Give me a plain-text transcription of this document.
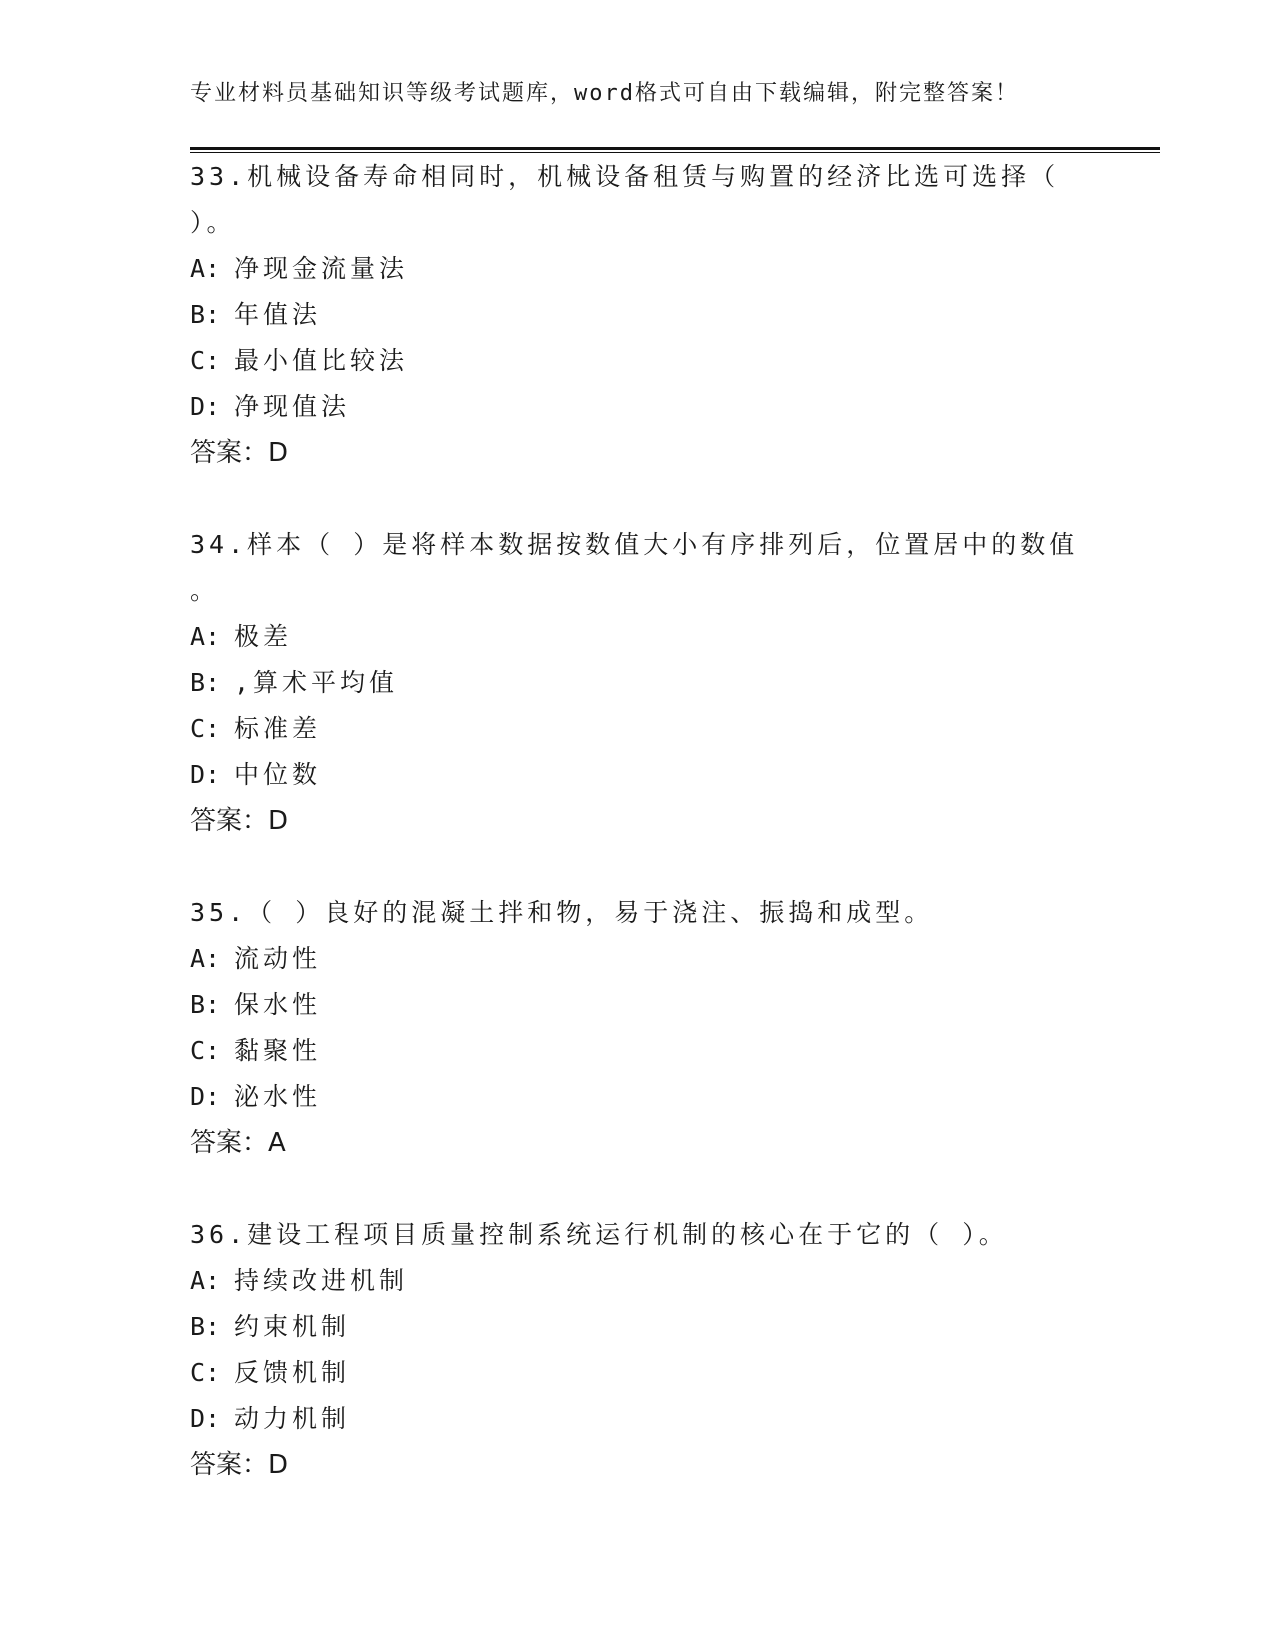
专业材料员基础知识等级考试题库，word格式可自由下载编辑，附完整答案！
33.机械设备寿命相同时，机械设备租赁与购置的经济比选可选择（
）。
A: 净现金流量法
B: 年值法
C: 最小值比较法
D: 净现值法
答案：D
34.样本（ ）是将样本数据按数值大小有序排列后，位置居中的数值
。
A: 极差
B: ,算术平均值
C: 标准差
D: 中位数
答案：D
35.（ ）良好的混凝土拌和物，易于浇注、振捣和成型。
A: 流动性
B: 保水性
C: 黏聚性
D: 泌水性
答案：A
36.建设工程项目质量控制系统运行机制的核心在于它的（ ）。
A: 持续改进机制
B: 约束机制
C: 反馈机制
D: 动力机制
答案：D
